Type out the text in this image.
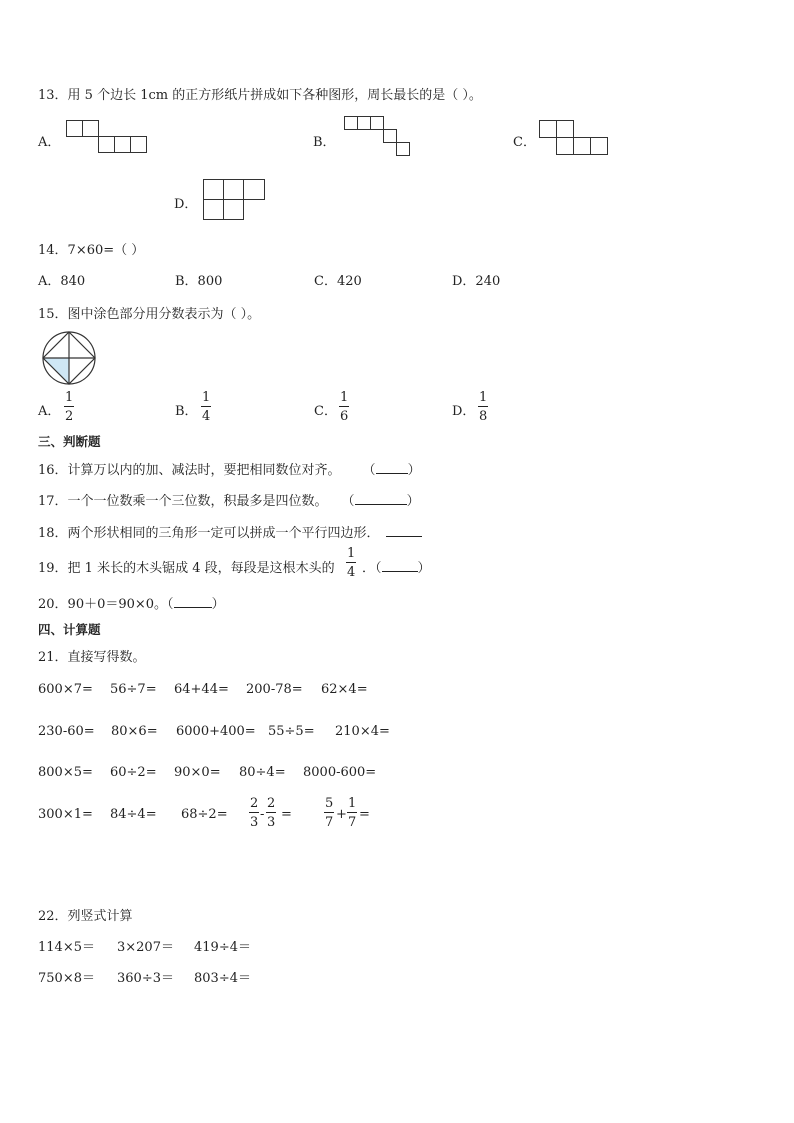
13．用 5 个边长 1cm 的正方形纸片拼成如下各种图形，周长最长的是（ ）。
A．	B．	C．
D．
14．7×60=（ ）
A．840	B．800	C．420	D．240
15．图中涂色部分用分数表示为（ ）。
A． $\frac{1}{2}$	B． $\frac{1}{4}$	C． $\frac{1}{6}$	D． $\frac{1}{8}$
三、判断题
16．计算万以内的加、减法时，要把相同数位对齐。 （ ）
17．一个一位数乘一个三位数，积最多是四位数。 （	）
18．两个形状相同的三角形一定可以拼成一个平行四边形．
19．把 1 米长的木头锯成 4 段，每段是这根木头的 $\frac{1}{4}$ ．（	）
20．90＋0＝90×0。（	）
四、计算题
21．直接写得数。
600×7= 56÷7= 64+44= 200-78= 62×4=
230-60= 80×6= 6000+400= 55÷5= 210×4=
800×5= 60÷2= 90×0= 80÷4= 8000-600=
$300\times 1= 84\div 4= 68\div 2= \frac{2}{3} - \frac{2}{3} = \frac{5}{7} + \frac{1}{7}$ =
22．列竖式计算
114×5＝ 3×207＝ 419÷4＝
750×8＝ 360÷3＝ 803÷4＝
